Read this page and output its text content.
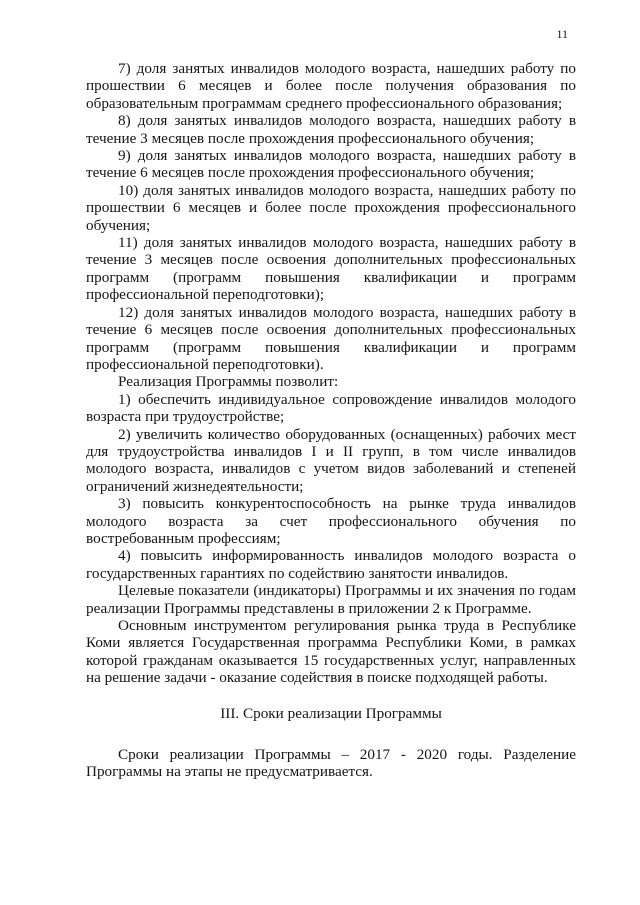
11

7) доля занятых инвалидов молодого возраста, нашедших работу по прошествии 6 месяцев и более после получения образования по образовательным программам среднего профессионального образования;

8) доля занятых инвалидов молодого возраста, нашедших работу в течение 3 месяцев после прохождения профессионального обучения;

9) доля занятых инвалидов молодого возраста, нашедших работу в течение 6 месяцев после прохождения профессионального обучения;

10) доля занятых инвалидов молодого возраста, нашедших работу по прошествии 6 месяцев и более после прохождения профессионального обучения;

11) доля занятых инвалидов молодого возраста, нашедших работу в течение 3 месяцев после освоения дополнительных профессиональных программ (программ повышения квалификации и программ профессиональной переподготовки);

12) доля занятых инвалидов молодого возраста, нашедших работу в течение 6 месяцев после освоения дополнительных профессиональных программ (программ повышения квалификации и программ профессиональной переподготовки).

Реализация Программы позволит:

1) обеспечить индивидуальное сопровождение инвалидов молодого возраста при трудоустройстве;

2) увеличить количество оборудованных (оснащенных) рабочих мест для трудоустройства инвалидов I и II групп, в том числе инвалидов молодого возраста, инвалидов с учетом видов заболеваний и степеней ограничений жизнедеятельности;

3) повысить конкурентоспособность на рынке труда инвалидов молодого возраста за счет профессионального обучения по востребованным профессиям;

4) повысить информированность инвалидов молодого возраста о государственных гарантиях по содействию занятости инвалидов.

Целевые показатели (индикаторы) Программы и их значения по годам реализации Программы представлены в приложении 2 к Программе.

Основным инструментом регулирования рынка труда в Республике Коми является Государственная программа Республики Коми, в рамках которой гражданам оказывается 15 государственных услуг, направленных на решение задачи - оказание содействия в поиске подходящей работы.

III. Сроки реализации Программы

Сроки реализации Программы – 2017 - 2020 годы. Разделение Программы на этапы не предусматривается.
